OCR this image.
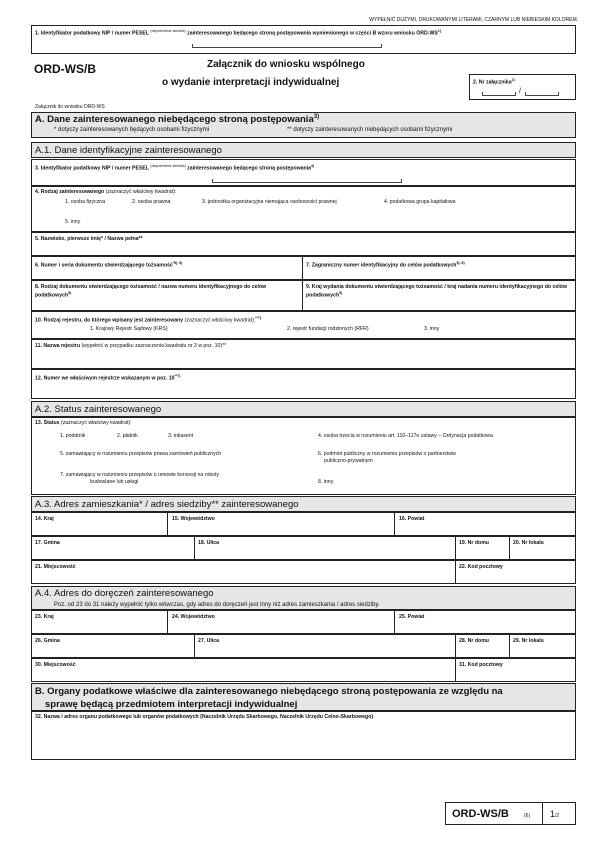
WYPEŁNIĆ DUŻYMI, DRUKOWANYMI LITERAMI, CZARNYM LUB NIEBIESKIM KOLOREM.
1. Identyfikator podatkowy NIP / numer PESEL $^{(niepotrzebne skreślić)}$ zainteresowanego będącego stroną postępowania wymienionego w części B wzoru wniosku ORD-WS$^{1)}$
ORD-WS/B	Załącznik do wniosku wspólnego
o wydanie interpretacji indywidualnej	2. Nr załącznika$^{2)}$
/
Załącznik do wniosku ORD-WS
A. Dane zainteresowanego niebędącego stroną postępowania$^{3)}$
* dotyczy zainteresowanych będących osobami fizycznymi	** dotyczy zainteresowanych niebędących osobami fizycznymi
A.1. Dane identyfikacyjne zainteresowanego
3. Identyfikator podatkowy NIP / numer PESEL $^{(niepotrzebne skreślić)}$ zainteresowanego będącego stroną postępowania$^{4)}$
4. Rodzaj zainteresowanego (zaznaczyć właściwy kwadrat):
1. osoba fizyczna	2. osoba prawna	3. jednostka organizacyjna niemająca osobowości prawnej	4. podatkowa grupa kapitałowa
5. inny
5. Nazwisko, pierwsze imię* / Nazwa pełna**
6. Numer i seria dokumentu stwierdzającego tożsamość$^{*5), 6)}$	7. Zagraniczny numer identyfikacyjny do celów podatkowych$^{5), 6)}$
8. Rodzaj dokumentu stwierdzającego tożsamość / nazwa numeru identyfikacyjnego do celów podatkowych$^{5)}$
9. Kraj wydania dokumentu stwierdzającego tożsamość / kraj nadania numeru identyfikacyjnego do celów podatkowych$^{5)}$
10. Rodzaj rejestru, do którego wpisany jest zainteresowany (zaznaczyć właściwy kwadrat):$^{**7)}$
1. Krajowy Rejestr Sądowy (KRS)	2. rejestr fundacji rodzinnych (RFR)	3. inny
11. Nazwa rejestru (wypełnić w przypadku zaznaczenia kwadratu nr 3 w poz. 10)**
12. Numer we właściwym rejestrze wskazanym w poz. 10$^{**7)}$
A.2. Status zainteresowanego
13. Status (zaznaczyć właściwy kwadrat):
1. podatnik	2. płatnik	3. inkasent	4. osoba trzecia w rozumieniu art. 110–117e ustawy – Ordynacja podatkowa
5. zamawiający w rozumieniu przepisów prawa zamówień publicznych	6. podmiot publiczny w rozumieniu przepisów o partnerstwie
publiczno-prywatnym
7. zamawiający w rozumieniu przepisów o umowie koncesji na roboty
budowlane lub usługi	8. inny
A.3. Adres zamieszkania* / adres siedziby** zainteresowanego
14. Kraj	15. Województwo	16. Powiat
17. Gmina	18. Ulica	19. Nr domu	20. Nr lokalu
21. Miejscowość	22. Kod pocztowy
A.4. Adres do doręczeń zainteresowanego
Poz. od 23 do 31 należy wypełnić tylko wówczas, gdy adres do doręczeń jest inny niż adres zamieszkania / adres siedziby.
23. Kraj	24. Województwo	25. Powiat
26. Gmina	27. Ulica	28. Nr domu	29. Nr lokalu
30. Miejscowość	31. Kod pocztowy
B. Organy podatkowe właściwe dla zainteresowanego niebędącego stroną postępowania ze względu na
sprawę będącą przedmiotem interpretacji indywidualnej
32. Nazwa i adres organu podatkowego lub organów podatkowych (Naczelnik Urzędu Skarbowego, Naczelnik Urzędu Celno-Skarbowego)
ORD-WS/B	(6) 1/2
